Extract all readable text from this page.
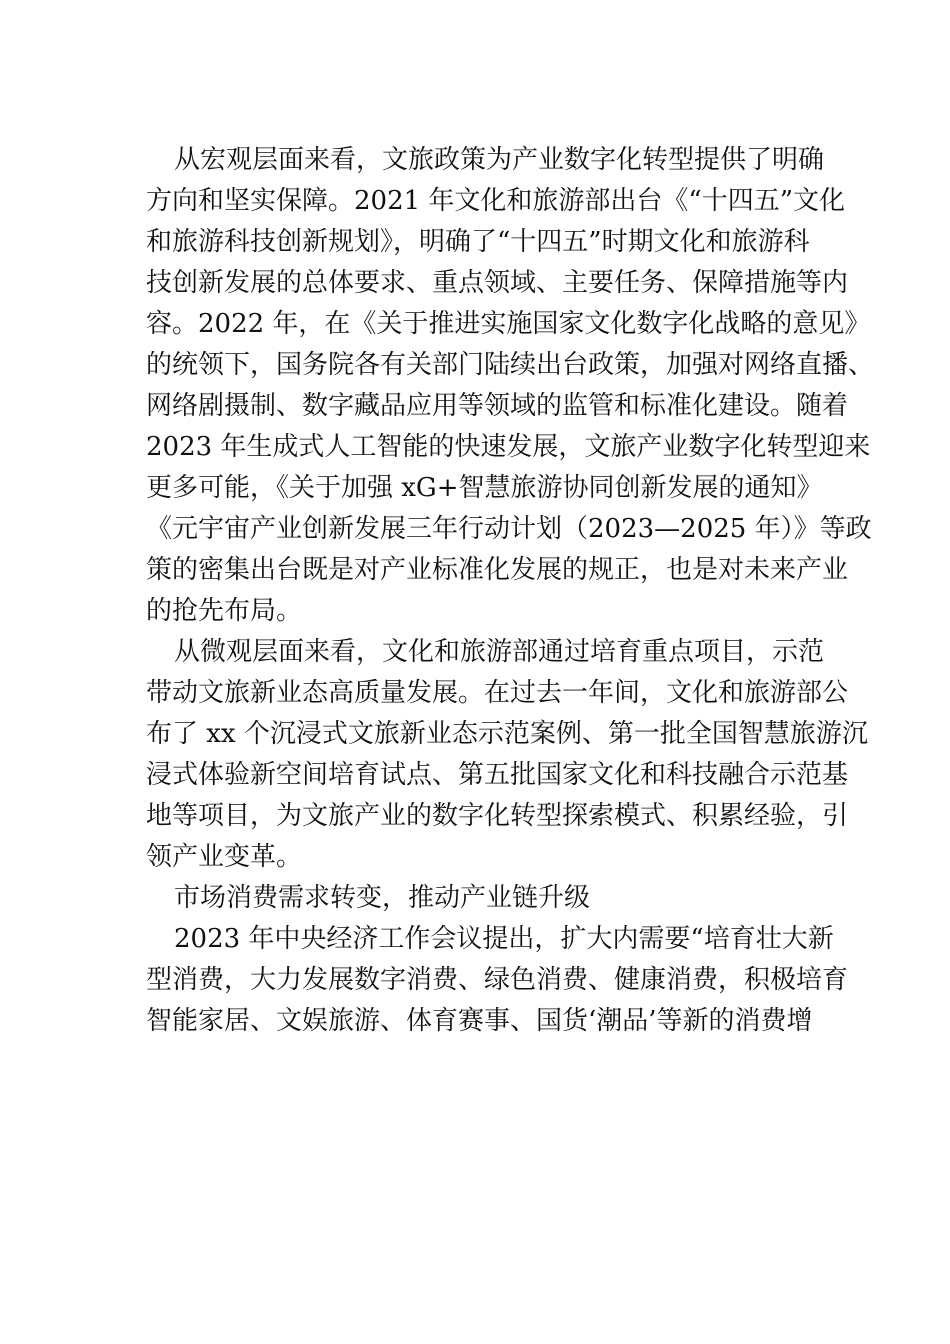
从宏观层面来看，文旅政策为产业数字化转型提供了明确
方向和坚实保障。2021 年文化和旅游部出台《“十四五”文化
和旅游科技创新规划》，明确了“十四五”时期文化和旅游科
技创新发展的总体要求、重点领域、主要任务、保障措施等内
容。2022 年，在《关于推进实施国家文化数字化战略的意见》
的统领下，国务院各有关部门陆续出台政策，加强对网络直播、
网络剧摄制、数字藏品应用等领域的监管和标准化建设。随着
2023 年生成式人工智能的快速发展，文旅产业数字化转型迎来
更多可能，《关于加强 xG+智慧旅游协同创新发展的通知》
《元宇宙产业创新发展三年行动计划（2023—2025 年）》等政
策的密集出台既是对产业标准化发展的规正，也是对未来产业
的抢先布局。
从微观层面来看，文化和旅游部通过培育重点项目，示范
带动文旅新业态高质量发展。在过去一年间，文化和旅游部公
布了 xx 个沉浸式文旅新业态示范案例、第一批全国智慧旅游沉
浸式体验新空间培育试点、第五批国家文化和科技融合示范基
地等项目，为文旅产业的数字化转型探索模式、积累经验，引
领产业变革。
市场消费需求转变，推动产业链升级
2023 年中央经济工作会议提出，扩大内需要“培育壮大新
型消费，大力发展数字消费、绿色消费、健康消费，积极培育
智能家居、文娱旅游、体育赛事、国货‘潮品’等新的消费增
